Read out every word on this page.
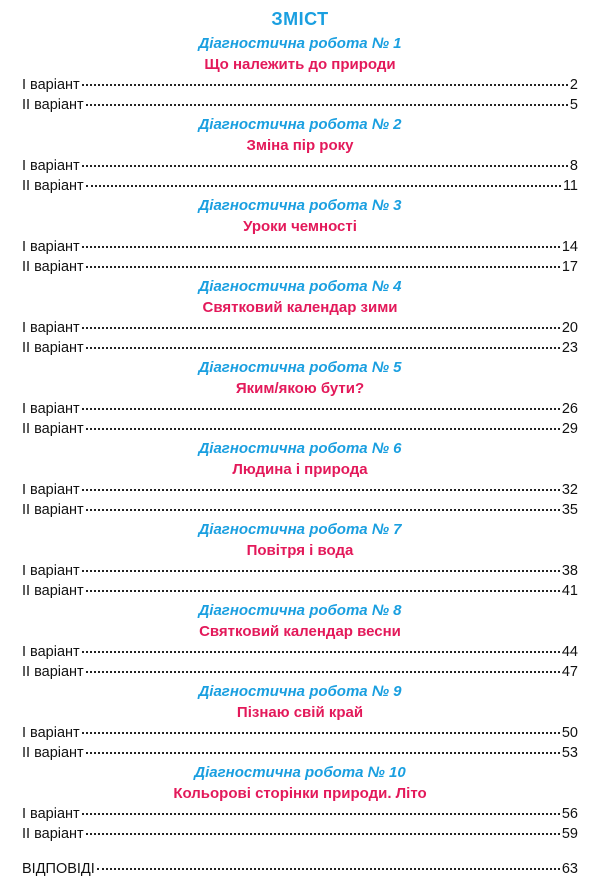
ЗМІСТ
Діагностична робота № 1
Що належить до природи
І варіант	2
ІІ варіант	5
Діагностична робота № 2
Зміна пір року
І варіант	8
ІІ варіант	11
Діагностична робота № 3
Уроки чемності
І варіант	14
ІІ варіант	17
Діагностична робота № 4
Святковий календар зими
І варіант	20
ІІ варіант	23
Діагностична робота № 5
Яким/якою бути?
І варіант	26
ІІ варіант	29
Діагностична робота № 6
Людина і природа
І варіант	32
ІІ варіант	35
Діагностична робота № 7
Повітря і вода
І варіант	38
ІІ варіант	41
Діагностична робота № 8
Святковий календар весни
І варіант	44
ІІ варіант	47
Діагностична робота № 9
Пізнаю свій край
І варіант	50
ІІ варіант	53
Діагностична робота № 10
Кольорові сторінки природи. Літо
І варіант	56
ІІ варіант	59
ВІДПОВІДІ	63
